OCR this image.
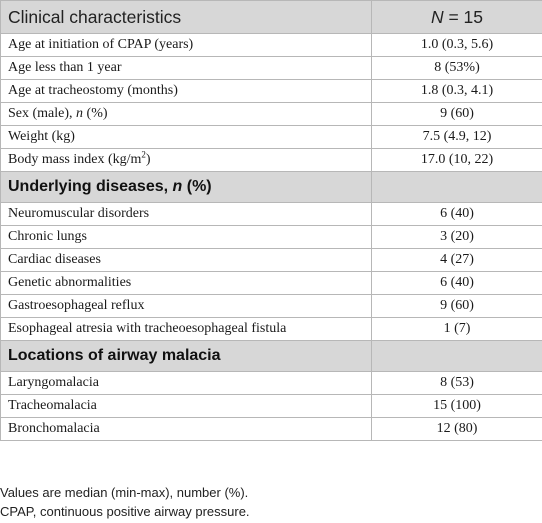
Clinical characteristics	N = 15
Age at initiation of CPAP (years)	1.0 (0.3, 5.6)
Age less than 1 year	8 (53%)
Age at tracheostomy (months)	1.8 (0.3, 4.1)
Sex (male), n (%)	9 (60)
Weight (kg)	7.5 (4.9, 12)
Body mass index $(kg/m^2)$	17.0 (10, 22)
Underlying diseases, n (%)	
Neuromuscular disorders	6 (40)
Chronic lungs	3 (20)
Cardiac diseases	4 (27)
Genetic abnormalities	6 (40)
Gastroesophageal reflux	9 (60)
Esophageal atresia with tracheoesophageal fistula	1 (7)
Locations of airway malacia	
Laryngomalacia	8 (53)
Tracheomalacia	15 (100)
Bronchomalacia	12 (80)
Values are median (min-max), number (%).
CPAP, continuous positive airway pressure.
